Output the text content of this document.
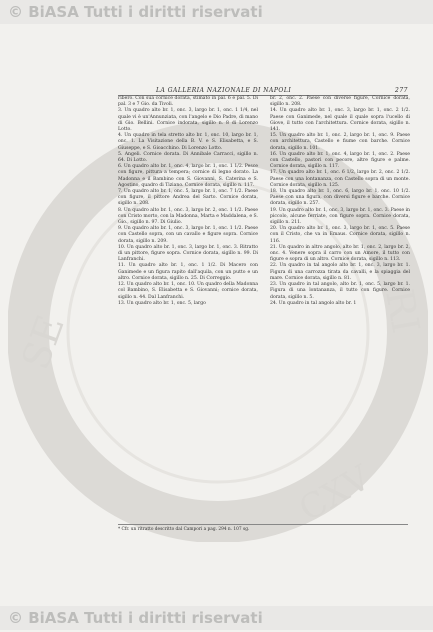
© BiASA Tutti i diritti riservati
SE	RI
CXV
LA GALLERIA NAZIONALE DI NAPOLI	277

ribero. Con sua cornice dorata, stimato in pal. 6 e pal. 5. Di pal. 3 e 7 Gio. da Tivoli.

3. Un quadro alto br. 1, onc. 3, largo br. 1, onc. 1 1/4, nel quale vi è un'Annunziata, con l'angelo e Dio Padre, di mano di Gio. Bellini. Cornice indorata, sigillo n. 8 di Lorenzo Lotto.

4. Un quadro in tela stretto alto br. 1, onc. 10, largo br. 1, onc. 1. La Visitazione della B. V. e S. Elisabetta, e S. Giuseppe, e S. Gioacchino. Di Lorenzo Lotto.

5. Angeli. Cornice dorata. Di Annibale Carracci, sigillo n. 64. Di Lotto.

6. Un quadro alto br. 1, onc. 4, largo br. 1, onc. 1 1/2. Pesce con figure, pittura a tempera; cornice di legno dorato. La Madonna e il Bambino con S. Giovanni, S. Caterina e S. Agostino, quadro di Tiziano. Cornice dorata, sigillo n. 117.

7. Un quadro alto br. 1, onc. 5, largo br. 1, onc. 7 1/2. Paese con figure, il pittore Andrea del Sarto. Cornice dorata, sigillo n. 208.

8. Un quadro alto br. 1, onc. 3, largo br. 2, onc. 1 1/2. Paese con Cristo morto, con la Madonna, Marta e Maddalena, e S. Gio., sigillo n. 97. Di Giulio.

9. Un quadro alto br. 1, onc. 3, largo br. 1, onc. 1 1/2. Paese con Castello sopra, con un cavallo e figure sopra. Cornice dorata, sigillo n. 209.

10. Un quadro alto br. 1, onc. 3, largo br. 1, onc. 3. Ritratto di un pittore, figure sopra. Cornice dorata, sigillo n. 99. Di Lanfranchi.

11. Un quadro alto br. 1, onc. 1 1/2. Di Macero con Ganimede e un figura rapito dall'aquila, con un putto e un altro. Cornice dorata, sigillo n. 25. Di Correggio.

12. Un quadro alto br. 1, onc. 10. Un quadro della Madonna col Bambino, S. Elisabetta e S. Giovanni; cornice dorata, sigillo n. 44. Dal Lanfranchi.

13. Un quadro alto br. 1, onc. 5, largo

br. 2, onc. 2. Paese con diverse figure, Cornice dorata, sigillo n. 208.

14. Un quadro alto br. 1, onc. 3, largo br. 1, onc. 2 1/2. Paese con Ganimede, nel quale il quale sopra l'ucello di Giove, il tutto con l'architettura. Cornice dorata, sigillo n. 141.

15. Un quadro alto br. 1, onc. 2, largo br. 1, onc. 9. Paese con architettura, Castello e fiume con barche. Cornice dorata, sigillo n. 101.

16. Un quadro alto br. 1, onc. 4, largo br. 1, onc. 2. Paese con Castello, pastori con pecore, altre figure e palme. Cornice dorata, sigillo n. 117.

17. Un quadro alto br. 1, onc. 6 1/2, largo br. 2, onc. 2 1/2. Paese con una lontananza, con Castello sopra di un monte. Cornice dorata, sigillo n. 125.

18. Un quadro alto br. 1, onc. 6, largo br. 1, onc. 10 1/2. Paese con una figura, con diversi figure e barche. Cornice dorata, sigillo n. 257.

19. Un quadro alto br. 1, onc. 3, largo br. 1, onc. 3. Paese in piccolo, alcune ferriate, con figure sopra. Cornice dorata, sigillo n. 211.

20. Un quadro alto br. 1, onc. 3, largo br. 1, onc. 5. Paese con il Cristo, che va in Emaus. Cornice dorata, sigillo n. 116.

21. Un quadro in altro angolo, alto br. 1, onc. 2, largo br. 2, onc. 4. Venere sopra il carro con un Amore, il tutto con figure e sopra di un altro. Cornice dorata, sigillo n. 113.

22. Un quadro in tal angolo alto br. 1, onc. 3, largo br. 1. Figura di una carrozza tirata da cavalli, e la spiaggia del mare. Cornice dorata, sigillo n. 81.

23. Un quadro in tal angolo, alto br. 1, onc. 5, largo br. 1. Figura di una lontananza, il tutto con figure. Cornice dorata, sigillo n. 5.

24. Un quadro in tal angolo alto br. 1

* Cfr. un ritratto descritto dal Campori a pag. 294 n. 107 sg.
© BiASA Tutti i diritti riservati
